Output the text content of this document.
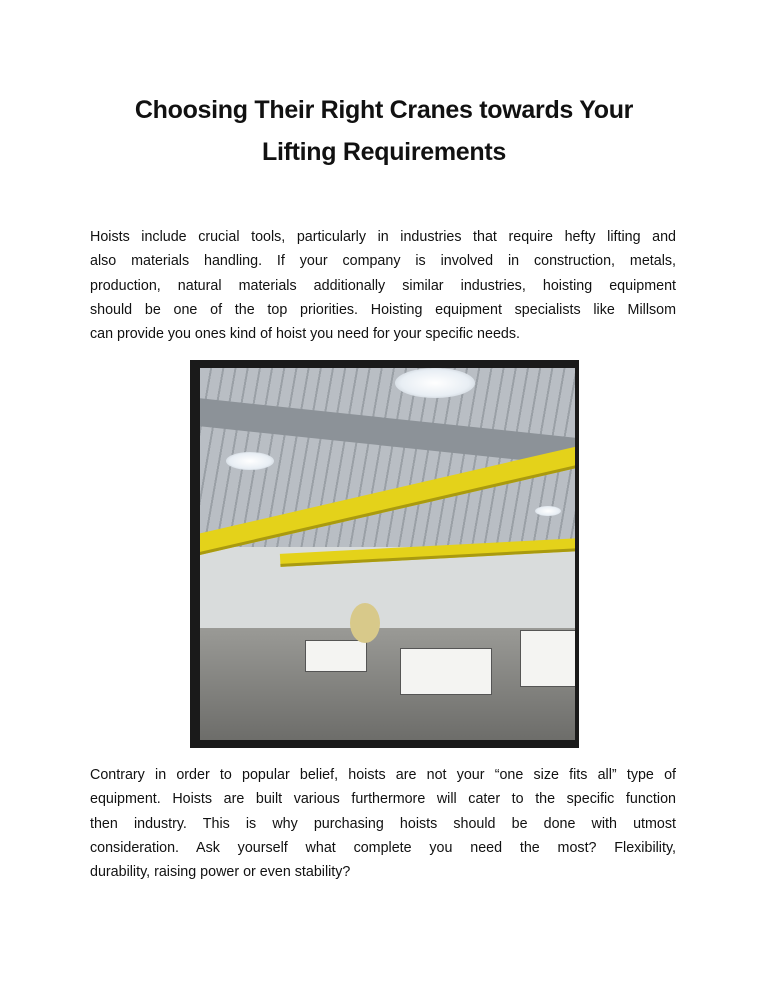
Choosing Their Right Cranes towards Your
Lifting Requirements
Hoists include crucial tools, particularly in industries that require hefty lifting and
also materials handling. If your company is involved in construction, metals,
production, natural materials additionally similar industries, hoisting equipment
should be one of the top priorities. Hoisting equipment specialists like Millsom
can provide you ones kind of hoist you need for your specific needs.
Contrary in order to popular belief, hoists are not your “one size fits all” type of
equipment. Hoists are built various furthermore will cater to the specific function
then industry. This is why purchasing hoists should be done with utmost
consideration. Ask yourself what complete you need the most? Flexibility,
durability, raising power or even stability?
